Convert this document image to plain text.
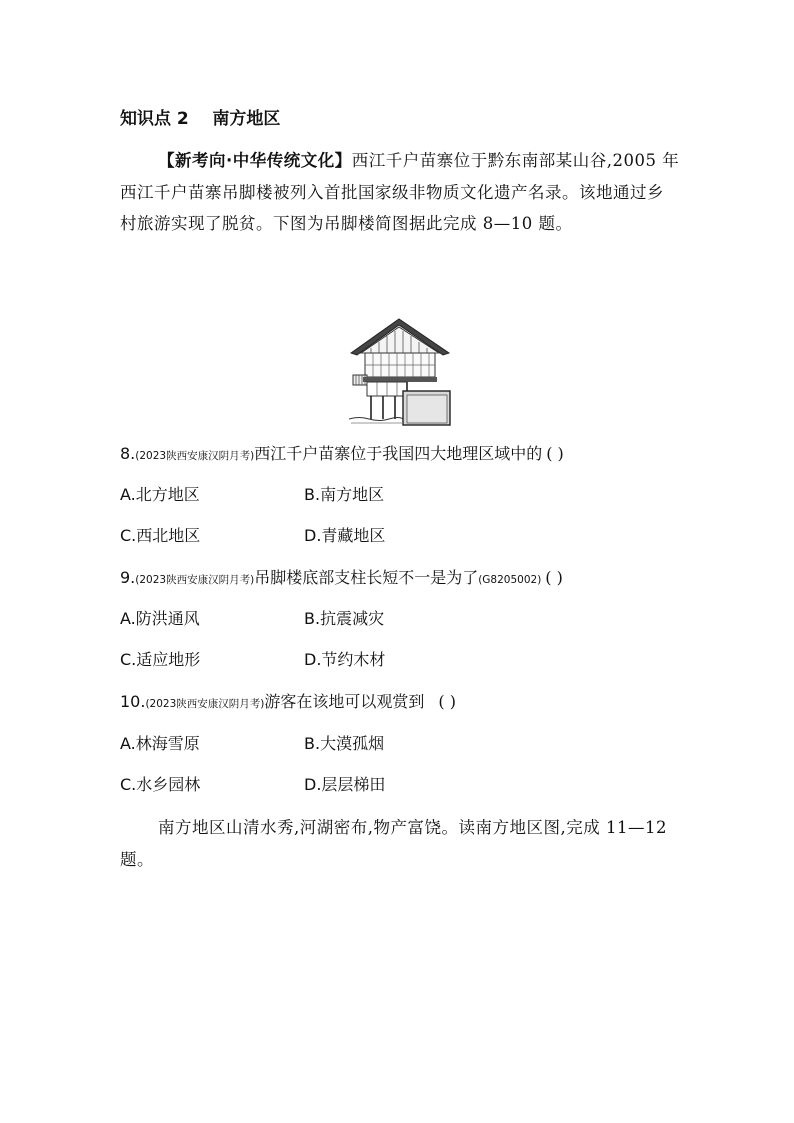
知识点 2    南方地区
【新考向·中华传统文化】西江千户苗寨位于黔东南部某山谷,2005 年西江千户苗寨吊脚楼被列入首批国家级非物质文化遗产名录。该地通过乡村旅游实现了脱贫。下图为吊脚楼简图据此完成 8—10 题。
8.(2023陕西安康汉阴月考)西江千户苗寨位于我国四大地理区域中的 ( )
A.北方地区	B.南方地区
C.西北地区	D.青藏地区
9.(2023陕西安康汉阴月考)吊脚楼底部支柱长短不一是为了(G8205002) ( )
A.防洪通风	B.抗震减灾
C.适应地形	D.节约木材
10.(2023陕西安康汉阴月考)游客在该地可以观赏到 ( )
A.林海雪原	B.大漠孤烟
C.水乡园林	D.层层梯田
南方地区山清水秀,河湖密布,物产富饶。读南方地区图,完成 11—12 题。
